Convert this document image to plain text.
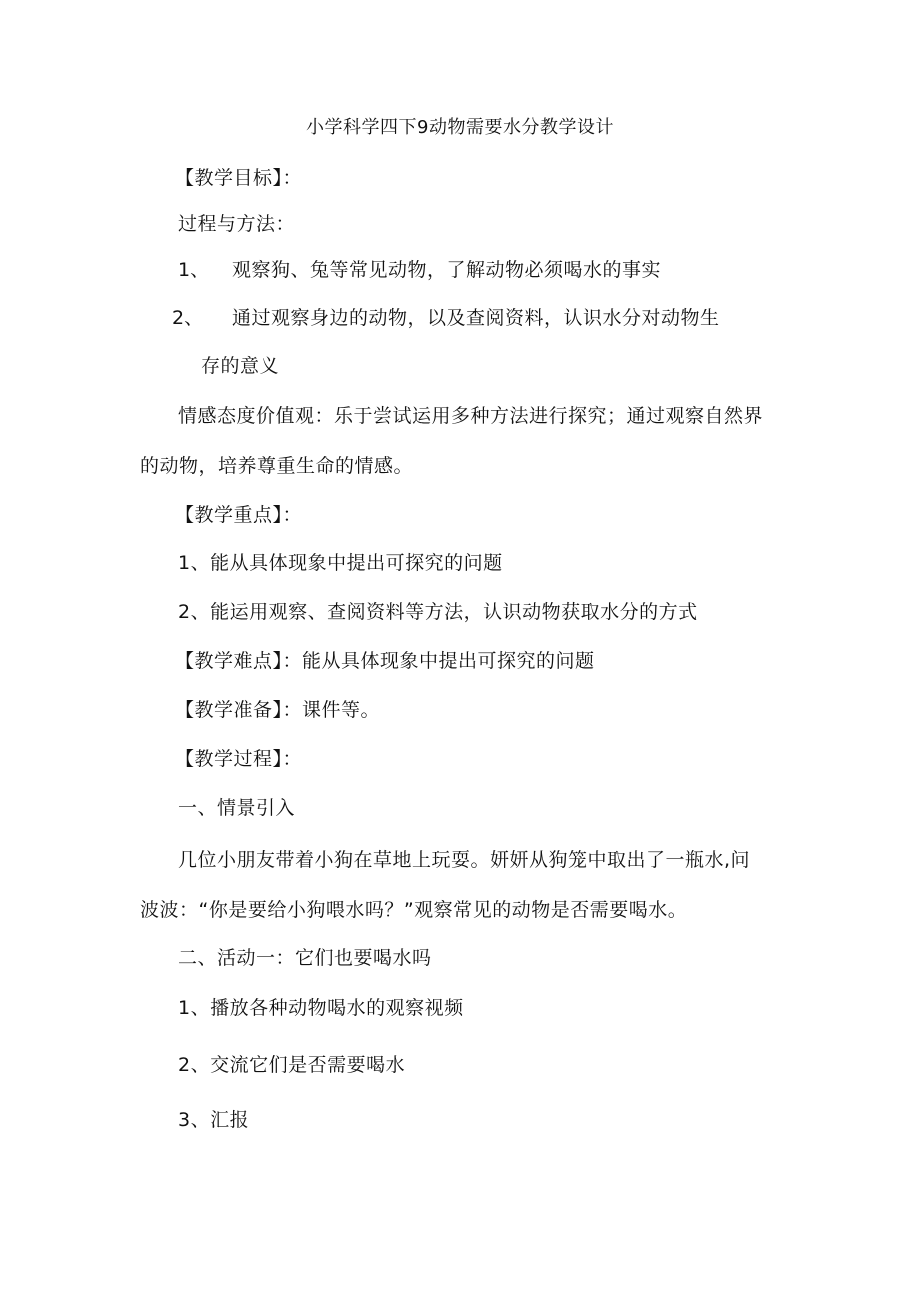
小学科学四下9动物需要水分教学设计
【教学目标】：
过程与方法：
1、 观察狗、兔等常见动物，了解动物必须喝水的事实
2、 通过观察身边的动物，以及查阅资料，认识水分对动物生
存的意义
情感态度价值观：乐于尝试运用多种方法进行探究；通过观察自然界
的动物，培养尊重生命的情感。
【教学重点】：
1、能从具体现象中提出可探究的问题
2、能运用观察、查阅资料等方法，认识动物获取水分的方式
【教学难点】：能从具体现象中提出可探究的问题
【教学准备】：课件等。
【教学过程】：
一、情景引入
几位小朋友带着小狗在草地上玩耍。妍妍从狗笼中取出了一瓶水,问
波波：“你是要给小狗喂水吗？”观察常见的动物是否需要喝水。
二、活动一：它们也要喝水吗
1、播放各种动物喝水的观察视频
2、交流它们是否需要喝水
3、汇报
